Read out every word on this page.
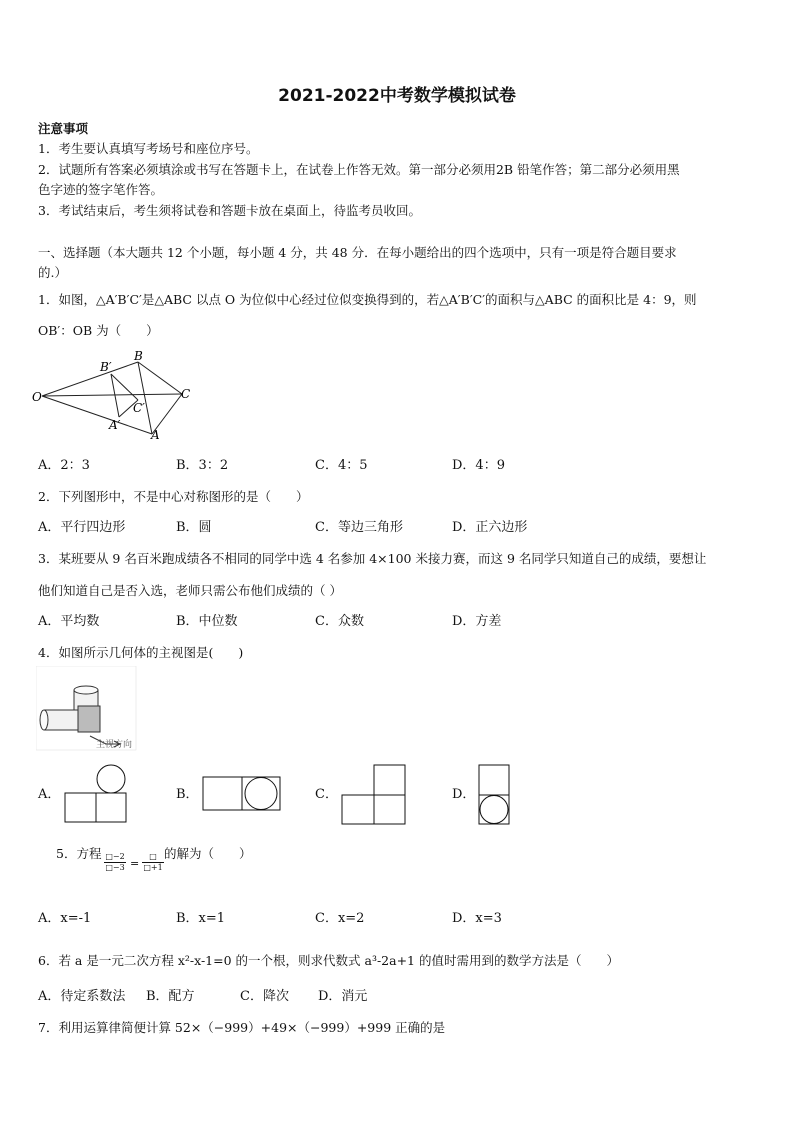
2021-2022中考数学模拟试卷
注意事项
1．考生要认真填写考场号和座位序号。
2．试题所有答案必须填涂或书写在答题卡上，在试卷上作答无效。第一部分必须用2B 铅笔作答；第二部分必须用黑
色字迹的签字笔作答。
3．考试结束后，考生须将试卷和答题卡放在桌面上，待监考员收回。
一、选择题（本大题共 12 个小题，每小题 4 分，共 48 分．在每小题给出的四个选项中，只有一项是符合题目要求
的.）
1．如图，△A′B′C′是△ABC 以点 O 为位似中心经过位似变换得到的，若△A′B′C′的面积与△ABC 的面积比是 4：9，则
OB′：OB 为（　　）
O
B
B′
C
C′
A′
A
A．2：3	B．3：2	C．4：5	D．4：9
2．下列图形中，不是中心对称图形的是（　　）
A．平行四边形	B．圆	C．等边三角形	D．正六边形
3．某班要从 9 名百米跑成绩各不相同的同学中选 4 名参加 4×100 米接力赛，而这 9 名同学只知道自己的成绩，要想让
他们知道自己是否入选，老师只需公布他们成绩的（ ）
A．平均数	B．中位数	C．众数	D．方差
4．如图所示几何体的主视图是(　　)
主视方向
A．	B．	C．	D．
5．方程 $\frac{□-2}{□-3}$ =
□
□+1
的解为（　　）
A．x=-1	B．x=1	C．x=2	D．x=3
6．若 a 是一元二次方程 x²-x-1=0 的一个根，则求代数式 a³-2a+1 的值时需用到的数学方法是（　　）
A．待定系数法 B．配方	C．降次 D．消元
7．利用运算律简便计算 52×（−999）+49×（−999）+999 正确的是
